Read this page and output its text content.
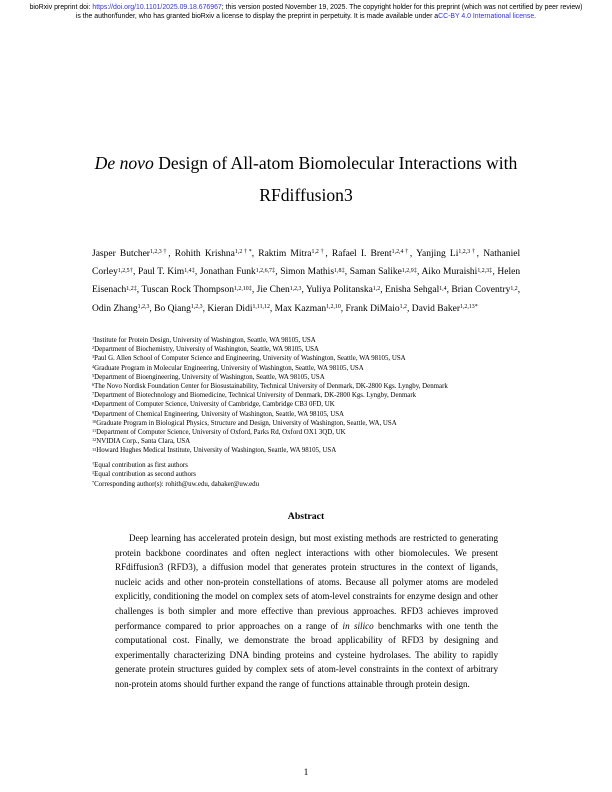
bioRxiv preprint doi: https://doi.org/10.1101/2025.09.18.676967; this version posted November 19, 2025. The copyright holder for this preprint (which was not certified by peer review) is the author/funder, who has granted bioRxiv a license to display the preprint in perpetuity. It is made available under aCC-BY 4.0 International license.
De novo Design of All-atom Biomolecular Interactions with
RFdiffusion3
Jasper Butcher$^{1,2,3\dagger}$, Rohith Krishna$^{1,2\dagger*}$, Raktim Mitra$^{1,2\dagger}$, Rafael I. Brent$^{1,2,4\dagger}$, Yanjing $Li^{1,2,3\dagger}$, Nathaniel Corley$^{1,2,5\dagger}$, Paul T. Kim$^{1,4\ddagger}$, Jonathan Funk$^{1,2,6,7\ddagger}$, Simon Mathis$^{1,8\ddagger}$, Saman Salike$^{1,2,9\ddagger}$, Aiko Muraishi$^{1,2,3\ddagger}$, Helen Eisenach$^{1,2\ddagger}$, Tuscan Rock Thompson$^{1,2,10\ddagger}$, Jie Chen$^{1,2,3}$, Yuliya Politanska$^{1,2}$, Enisha Sehgal$^{1,4}$, Brian Coventry$^{1,2}$, Odin Zhang$^{1,2,3}$, Bo Qiang$^{1,2,3}$, Kieran Didi$^{1,11,12}$, Max Kazman$^{1,2,10}$, Frank DiMaio$^{1,2}$, David Baker$^{1,2,13*}$
$^1$Institute for Protein Design, University of Washington, Seattle, WA 98105, USA
$^2$Department of Biochemistry, University of Washington, Seattle, WA 98105, USA
$^3$Paul G. Allen School of Computer Science and Engineering, University of Washington, Seattle, WA 98105, USA
$^4$Graduate Program in Molecular Engineering, University of Washington, Seattle, WA 98105, USA
$^5$Department of Bioengineering, University of Washington, Seattle, WA 98105, USA
$^6$The Novo Nordisk Foundation Center for Biosustainability, Technical University of Denmark, DK-2800 Kgs. Lyngby, Denmark
$^7$Department of Biotechnology and Biomedicine, Technical University of Denmark, DK-2800 Kgs. Lyngby, Denmark
$^8$Department of Computer Science, University of Cambridge, Cambridge CB3 0FD, UK
$^9$Department of Chemical Engineering, University of Washington, Seattle, WA 98105, USA
$^{10}$Graduate Program in Biological Physics, Structure and Design, University of Washington, Seattle, WA, USA
$^{11}$Department of Computer Science, University of Oxford, Parks Rd, Oxford OX1 3QD, UK
$^{12}$NVIDIA Corp., Santa Clara, USA
$^{13}$Howard Hughes Medical Institute, University of Washington, Seattle, WA 98105, USA
†Equal contribution as first authors
‡Equal contribution as second authors
*Corresponding author(s): rohith@uw.edu, dabaker@uw.edu
Abstract
Deep learning has accelerated protein design, but most existing methods are restricted to generating protein backbone coordinates and often neglect interactions with other biomolecules. We present RFdiffusion3 (RFD3), a diffusion model that generates protein structures in the context of ligands, nucleic acids and other non-protein constellations of atoms. Because all polymer atoms are modeled explicitly, conditioning the model on complex sets of atom-level constraints for enzyme design and other challenges is both simpler and more effective than previous approaches. RFD3 achieves improved performance compared to prior approaches on a range of in silico benchmarks with one tenth the computational cost. Finally, we demonstrate the broad applicability of RFD3 by designing and experimentally characterizing DNA binding proteins and cysteine hydrolases. The ability to rapidly generate protein structures guided by complex sets of atom-level constraints in the context of arbitrary non-protein atoms should further expand the range of functions attainable through protein design.
1
